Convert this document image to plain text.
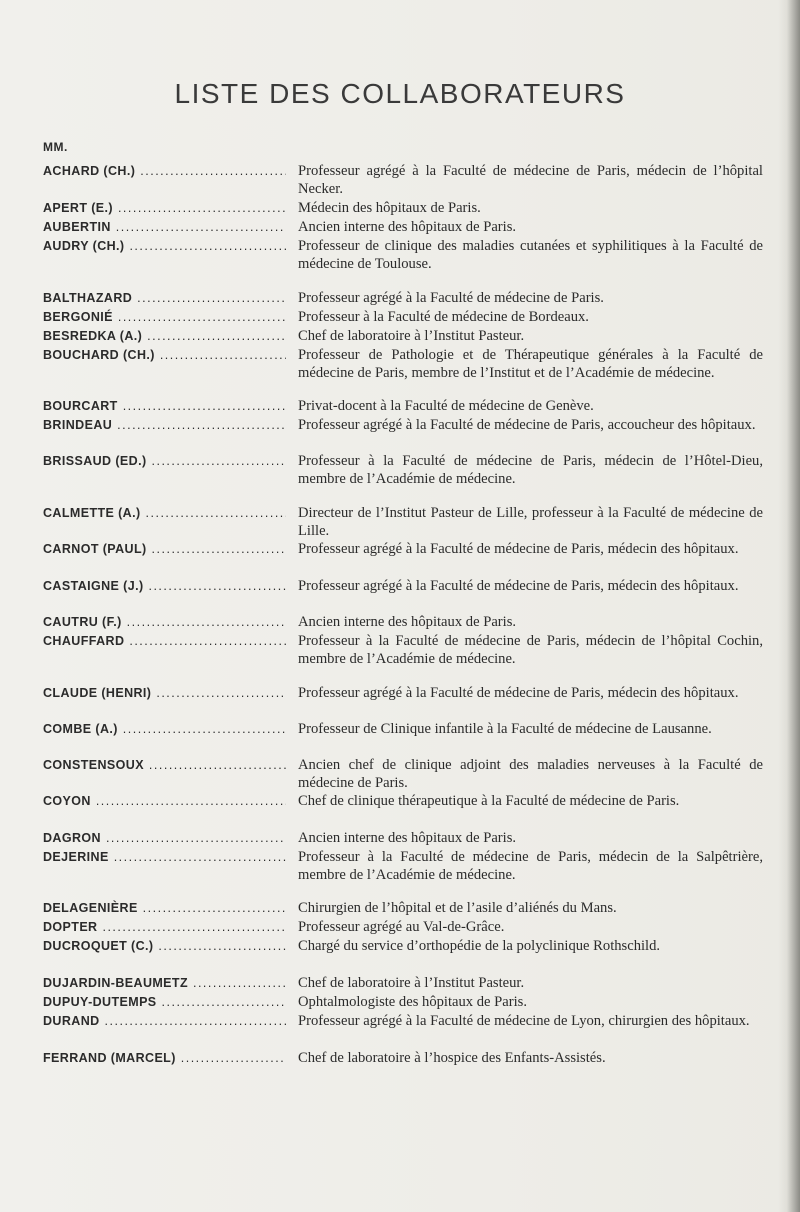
LISTE DES COLLABORATEURS
MM.
ACHARD (CH.) .....	Professeur agrégé à la Faculté de médecine de Paris, médecin de l’hôpital Necker.
APERT (E.) .....	Médecin des hôpitaux de Paris.
AUBERTIN .....	Ancien interne des hôpitaux de Paris.
AUDRY (CH.) .....	Professeur de clinique des maladies cutanées et syphilitiques à la Faculté de médecine de Toulouse.
BALTHAZARD .....	Professeur agrégé à la Faculté de médecine de Paris.
BERGONIÉ .....	Professeur à la Faculté de médecine de Bordeaux.
BESREDKA (A.) .....	Chef de laboratoire à l’Institut Pasteur.
BOUCHARD (CH.) .....	Professeur de Pathologie et de Thérapeutique générales à la Faculté de médecine de Paris, membre de l’Institut et de l’Académie de médecine.
BOURCART .....	Privat-docent à la Faculté de médecine de Genève.
BRINDEAU .....	Professeur agrégé à la Faculté de médecine de Paris, accoucheur des hôpitaux.
BRISSAUD (ED.) .....	Professeur à la Faculté de médecine de Paris, médecin de l’Hôtel-Dieu, membre de l’Académie de médecine.
CALMETTE (A.) .....	Directeur de l’Institut Pasteur de Lille, professeur à la Faculté de médecine de Lille.
CARNOT (PAUL) .....	Professeur agrégé à la Faculté de médecine de Paris, médecin des hôpitaux.
CASTAIGNE (J.) .....	Professeur agrégé à la Faculté de médecine de Paris, médecin des hôpitaux.
CAUTRU (F.) .....	Ancien interne des hôpitaux de Paris.
CHAUFFARD .....	Professeur à la Faculté de médecine de Paris, médecin de l’hôpital Cochin, membre de l’Académie de médecine.
CLAUDE (HENRI) .....	Professeur agrégé à la Faculté de médecine de Paris, médecin des hôpitaux.
COMBE (A.) .....	Professeur de Clinique infantile à la Faculté de médecine de Lausanne.
CONSTENSOUX .....	Ancien chef de clinique adjoint des maladies nerveuses à la Faculté de médecine de Paris.
COYON .....	Chef de clinique thérapeutique à la Faculté de médecine de Paris.
DAGRON .....	Ancien interne des hôpitaux de Paris.
DEJERINE .....	Professeur à la Faculté de médecine de Paris, médecin de la Salpêtrière, membre de l’Académie de médecine.
DELAGENIÈRE .....	Chirurgien de l’hôpital et de l’asile d’aliénés du Mans.
DOPTER .....	Professeur agrégé au Val-de-Grâce.
DUCROQUET (C.) .....	Chargé du service d’orthopédie de la polyclinique Rothschild.
DUJARDIN-BEAUMETZ .....	Chef de laboratoire à l’Institut Pasteur.
DUPUY-DUTEMPS .....	Ophtalmologiste des hôpitaux de Paris.
DURAND .....	Professeur agrégé à la Faculté de médecine de Lyon, chirurgien des hôpitaux.
FERRAND (MARCEL) .....	Chef de laboratoire à l’hospice des Enfants-Assistés.
